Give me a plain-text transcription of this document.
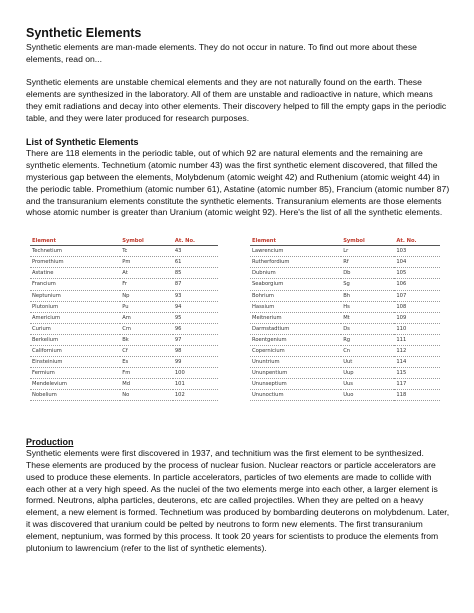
Synthetic Elements

Synthetic elements are man-made elements. They do not occur in nature. To find out more about these elements, read on...

Synthetic elements are unstable chemical elements and they are not naturally found on the earth. These elements are synthesized in the laboratory. All of them are unstable and radioactive in nature, which means they emit radiations and decay into other elements. Their discovery helped to fill the empty gaps in the periodic table, and they were later produced for research purposes.

List of Synthetic Elements

There are 118 elements in the periodic table, out of which 92 are natural elements and the remaining are synthetic elements. Technetium (atomic number 43) was the first synthetic element discovered, that filled the mysterious gap between the elements, Molybdenum (atomic weight 42) and Ruthenium (atomic weight 44) in the periodic table. Promethium (atomic number 61), Astatine (atomic number 85), Francium (atomic number 87) and the transuranium elements constitute the synthetic elements. Transuranium elements are those elements whose atomic number is greater than Uranium (atomic weight 92). Here's the list of all the synthetic elements.

Element	Symbol	At. No.
Technetium	Tc	43
Promethium	Pm	61
Astatine	At	85
Francium	Fr	87
Neptunium	Np	93
Plutonium	Pu	94
Americium	Am	95
Curium	Cm	96
Berkelium	Bk	97
Californium	Cf	98
Einsteinium	Es	99
Fermium	Fm	100
Mendelevium	Md	101
Nobelium	No	102
Element	Symbol	At. No.
Lawrencium	Lr	103
Rutherfordium	Rf	104
Dubnium	Db	105
Seaborgium	Sg	106
Bohrium	Bh	107
Hassium	Hs	108
Meitnerium	Mt	109
Darmstadtium	Ds	110
Roentgenium	Rg	111
Copernicium	Cn	112
Ununtrium	Uut	114
Ununpentium	Uup	115
Ununseptium	Uus	117
Ununoctium	Uuo	118
Production

Synthetic elements were first discovered in 1937, and technitium was the first element to be synthesized. These elements are produced by the process of nuclear fusion. Nuclear reactors or particle accelerators are used to produce these elements. In particle accelerators, particles of two elements are made to collide with each other at a very high speed. As the nuclei of the two elements merge into each other, a larger element is formed. Neutrons, alpha particles, deuterons, etc are called projectiles. When they are pelted on a heavy element, a new element is formed. Technetium was produced by bombarding deuterons on molybdenum. Later, it was discovered that uranium could be pelted by neutrons to form new elements. The first transuranium element, neptunium, was formed by this process. It took 20 years for scientists to produce the elements from plutonium to lawrencium (refer to the list of synthetic elements).
